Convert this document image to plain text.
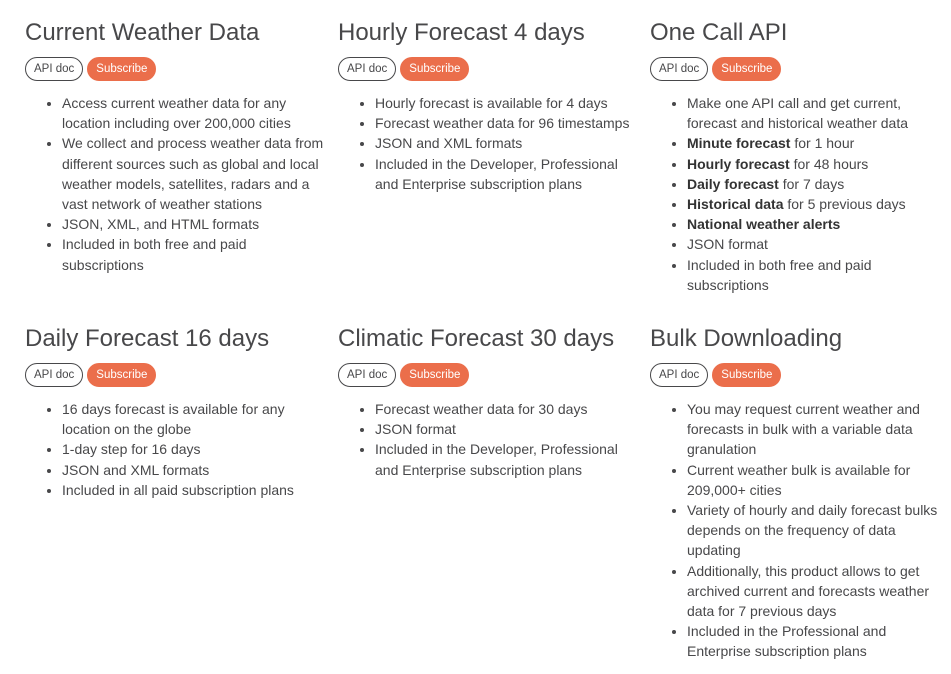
Current Weather Data
API doc	Subscribe
• Access current weather data for any location including over 200,000 cities
• We collect and process weather data from different sources such as global and local weather models, satellites, radars and a vast network of weather stations
• JSON, XML, and HTML formats
• Included in both free and paid subscriptions
Hourly Forecast 4 days
API doc	Subscribe
• Hourly forecast is available for 4 days
• Forecast weather data for 96 timestamps
• JSON and XML formats
• Included in the Developer, Professional and Enterprise subscription plans
One Call API
API doc	Subscribe
• Make one API call and get current, forecast and historical weather data
• Minute forecast for 1 hour
• Hourly forecast for 48 hours
• Daily forecast for 7 days
• Historical data for 5 previous days
• National weather alerts
• JSON format
• Included in both free and paid subscriptions
Daily Forecast 16 days
API doc	Subscribe
• 16 days forecast is available for any location on the globe
• 1-day step for 16 days
• JSON and XML formats
• Included in all paid subscription plans
Climatic Forecast 30 days
API doc	Subscribe
• Forecast weather data for 30 days
• JSON format
• Included in the Developer, Professional and Enterprise subscription plans
Bulk Downloading
API doc	Subscribe
• You may request current weather and forecasts in bulk with a variable data granulation
• Current weather bulk is available for 209,000+ cities
• Variety of hourly and daily forecast bulks depends on the frequency of data updating
• Additionally, this product allows to get archived current and forecasts weather data for 7 previous days
• Included in the Professional and Enterprise subscription plans
